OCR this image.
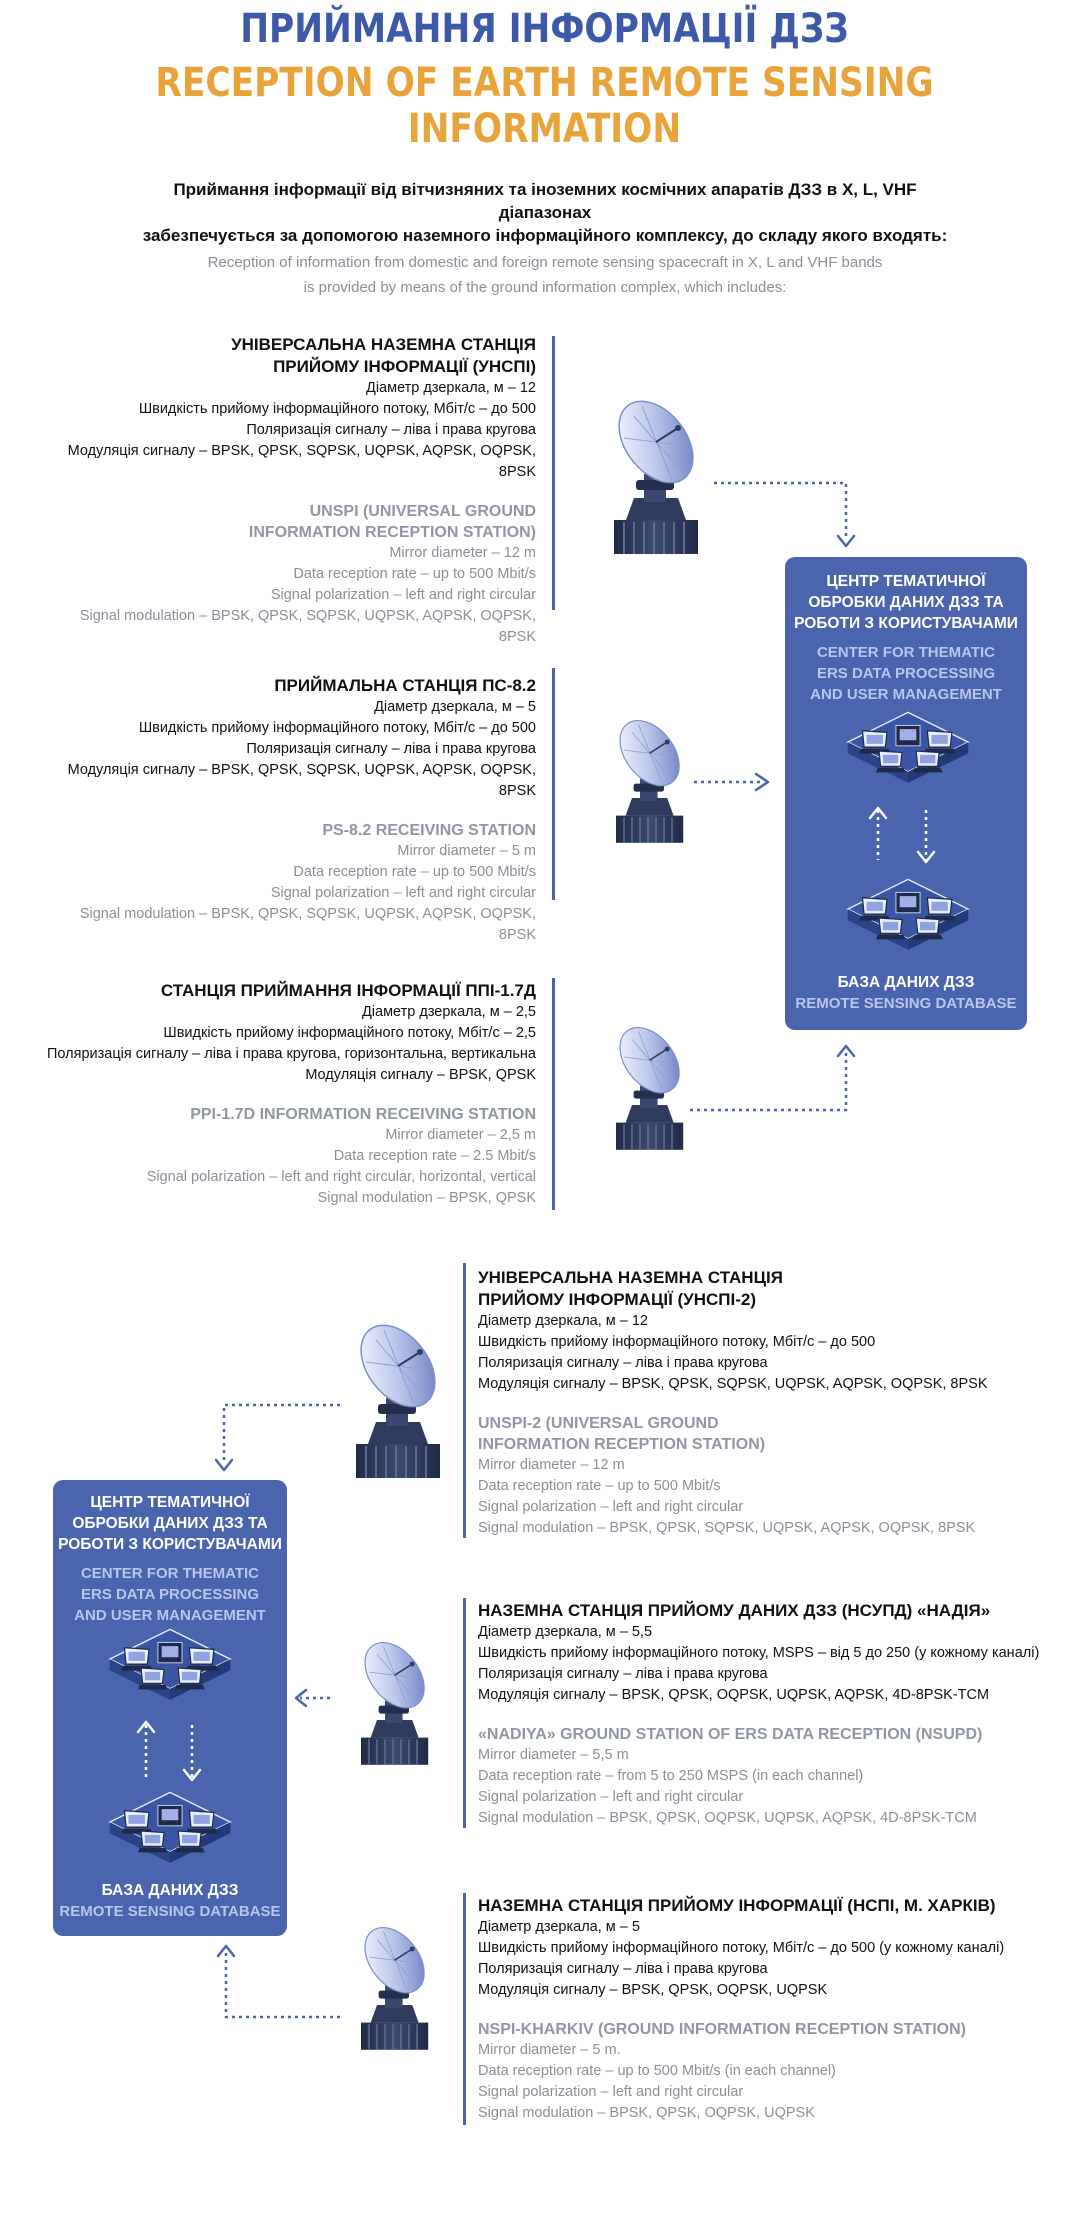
ПРИЙМАННЯ ІНФОРМАЦІЇ ДЗЗ
RECEPTION OF EARTH REMOTE SENSING INFORMATION
Приймання інформації від вітчизняних та іноземних космічних апаратів ДЗЗ в X, L, VHF діапазонах
забезпечується за допомогою наземного інформаційного комплексу, до складу якого входять:
Reception of information from domestic and foreign remote sensing spacecraft in X, L and VHF bands
is provided by means of the ground information complex, which includes:
УНІВЕРСАЛЬНА НАЗЕМНА СТАНЦІЯ
ПРИЙОМУ ІНФОРМАЦІЇ (УНСПІ)
Діаметр дзеркала, м – 12
Швидкість прийому інформаційного потоку, Мбіт/с – до 500
Поляризація сигналу – ліва і права кругова
Модуляція сигналу – BPSK, QPSK, SQPSK, UQPSK, AQPSK, OQPSK, 8PSK
UNSPI (UNIVERSAL GROUND
INFORMATION RECEPTION STATION)
Mirror diameter – 12 m
Data reception rate – up to 500 Mbit/s
Signal polarization – left and right circular
Signal modulation – BPSK, QPSK, SQPSK, UQPSK, AQPSK, OQPSK, 8PSK
ПРИЙМАЛЬНА СТАНЦІЯ ПС-8.2
Діаметр дзеркала, м – 5
Швидкість прийому інформаційного потоку, Мбіт/с – до 500
Поляризація сигналу – ліва і права кругова
Модуляція сигналу – BPSK, QPSK, SQPSK, UQPSK, AQPSK, OQPSK, 8PSK
PS-8.2 RECEIVING STATION
Mirror diameter – 5 m
Data reception rate – up to 500 Mbit/s
Signal polarization – left and right circular
Signal modulation – BPSK, QPSK, SQPSK, UQPSK, AQPSK, OQPSK, 8PSK
СТАНЦІЯ ПРИЙМАННЯ ІНФОРМАЦІЇ ППІ-1.7Д
Діаметр дзеркала, м – 2,5
Швидкість прийому інформаційного потоку, Мбіт/с – 2,5
Поляризація сигналу – ліва і права кругова, горизонтальна, вертикальна
Модуляція сигналу – BPSK, QPSK
PPI-1.7D INFORMATION RECEIVING STATION
Mirror diameter – 2,5 m
Data reception rate – 2.5 Mbit/s
Signal polarization – left and right circular, horizontal, vertical
Signal modulation – BPSK, QPSK
ЦЕНТР ТЕМАТИЧНОЇ
ОБРОБКИ ДАНИХ ДЗЗ ТА
РОБОТИ З КОРИСТУВАЧАМИ
CENTER FOR THEMATIC
ERS DATA PROCESSING
AND USER MANAGEMENT
БАЗА ДАНИХ ДЗЗ
REMOTE SENSING DATABASE
УНІВЕРСАЛЬНА НАЗЕМНА СТАНЦІЯ
ПРИЙОМУ ІНФОРМАЦІЇ (УНСПІ-2)
Діаметр дзеркала, м – 12
Швидкість прийому інформаційного потоку, Мбіт/с – до 500
Поляризація сигналу – ліва і права кругова
Модуляція сигналу – BPSK, QPSK, SQPSK, UQPSK, AQPSK, OQPSK, 8PSK
UNSPI-2 (UNIVERSAL GROUND
INFORMATION RECEPTION STATION)
Mirror diameter – 12 m
Data reception rate – up to 500 Mbit/s
Signal polarization – left and right circular
Signal modulation – BPSK, QPSK, SQPSK, UQPSK, AQPSK, OQPSK, 8PSK
НАЗЕМНА СТАНЦІЯ ПРИЙОМУ ДАНИХ ДЗЗ (НСУПД) «НАДІЯ»
Діаметр дзеркала, м – 5,5
Швидкість прийому інформаційного потоку, MSPS – від 5 до 250 (у кожному каналі)
Поляризація сигналу – ліва і права кругова
Модуляція сигналу – BPSK, QPSK, OQPSK, UQPSK, AQPSK, 4D-8PSK-TCM
«NADIYA» GROUND STATION OF ERS DATA RECEPTION (NSUPD)
Mirror diameter – 5,5 m
Data reception rate – from 5 to 250 MSPS (in each channel)
Signal polarization – left and right circular
Signal modulation – BPSK, QPSK, OQPSK, UQPSK, AQPSK, 4D-8PSK-TCM
НАЗЕМНА СТАНЦІЯ ПРИЙОМУ ІНФОРМАЦІЇ (НСПІ, М. ХАРКІВ)
Діаметр дзеркала, м – 5
Швидкість прийому інформаційного потоку, Мбіт/с – до 500 (у кожному каналі)
Поляризація сигналу – ліва і права кругова
Модуляція сигналу – BPSK, QPSK, OQPSK, UQPSK
NSPI-KHARKIV (GROUND INFORMATION RECEPTION STATION)
Mirror diameter – 5 m.
Data reception rate – up to 500 Mbit/s (in each channel)
Signal polarization – left and right circular
Signal modulation – BPSK, QPSK, OQPSK, UQPSK
ЦЕНТР ТЕМАТИЧНОЇ
ОБРОБКИ ДАНИХ ДЗЗ ТА
РОБОТИ З КОРИСТУВАЧАМИ
CENTER FOR THEMATIC
ERS DATA PROCESSING
AND USER MANAGEMENT
БАЗА ДАНИХ ДЗЗ
REMOTE SENSING DATABASE
